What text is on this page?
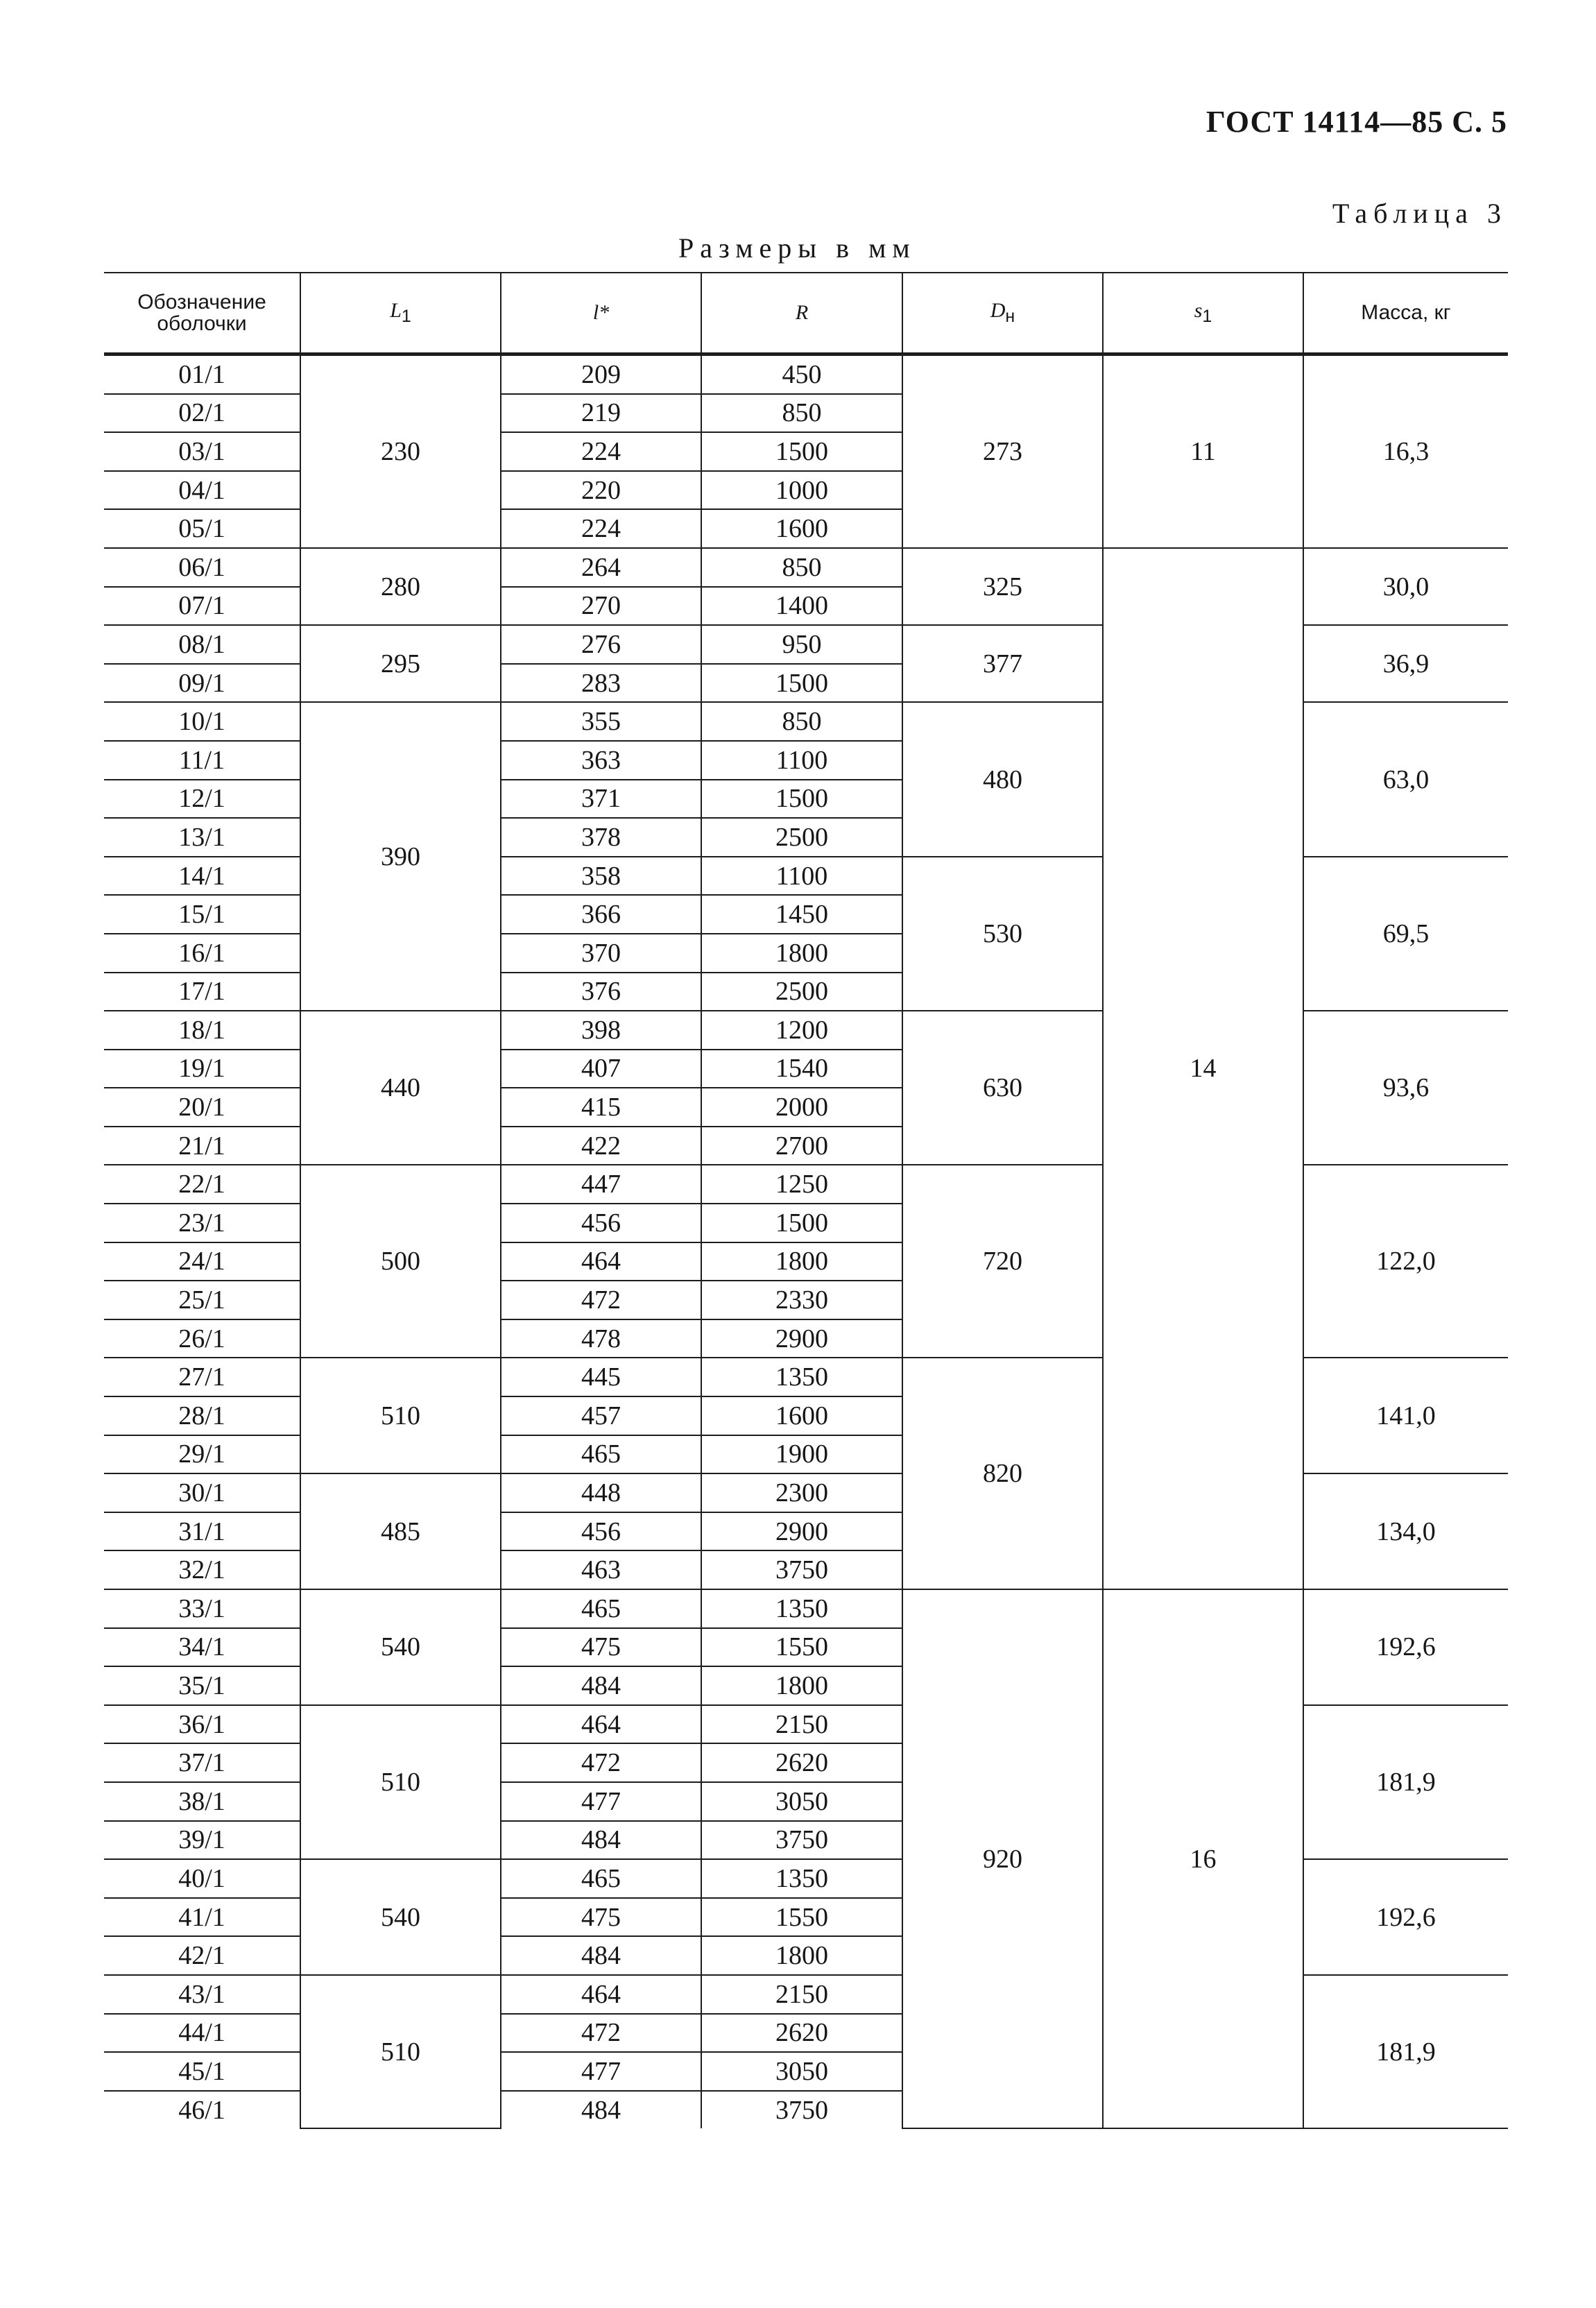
ГОСТ 14114—85 С. 5
Таблица 3
Размеры в мм
Обозначение оболочки	$L_1$	l*	R	$D_н$	$s_1$	Масса, кг
01/1	230	209	450	273	11	16,3
02/1		219	850			
03/1		224	1500			
04/1		220	1000			
05/1		224	1600			
06/1	280	264	850	325	14	30,0
07/1		270	1400			
08/1	295	276	950	377		36,9
09/1		283	1500			
10/1	390	355	850	480		63,0
11/1		363	1100			
12/1		371	1500			
13/1		378	2500			
14/1		358	1100	530		69,5
15/1		366	1450			
16/1		370	1800			
17/1		376	2500			
18/1	440	398	1200	630		93,6
19/1		407	1540			
20/1		415	2000			
21/1		422	2700			
22/1	500	447	1250	720		122,0
23/1		456	1500			
24/1		464	1800			
25/1		472	2330			
26/1		478	2900			
27/1	510	445	1350	820		141,0
28/1		457	1600			
29/1		465	1900			
30/1	485	448	2300			134,0
31/1		456	2900			
32/1		463	3750			
33/1	540	465	1350	920	16	192,6
34/1		475	1550			
35/1		484	1800			
36/1	510	464	2150			181,9
37/1		472	2620			
38/1		477	3050			
39/1		484	3750			
40/1	540	465	1350			192,6
41/1		475	1550			
42/1		484	1800			
43/1	510	464	2150			181,9
44/1		472	2620			
45/1		477	3050			
46/1		484	3750			
